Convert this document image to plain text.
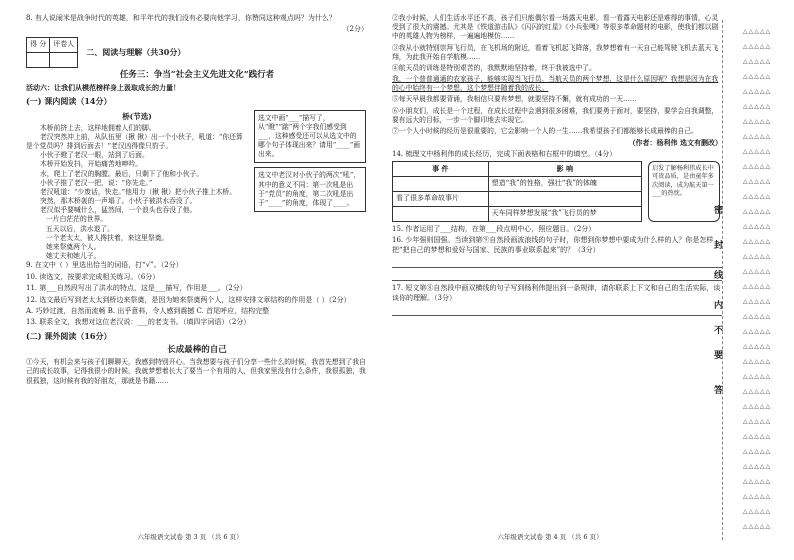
8. 有人说闹米是战争时代的英雄，和平年代的我们没有必要向他学习，你赞同这种观点吗？为什么？

（2分）

得 分	评卷人

二、阅读与理解（共30分）

任务三：争当“社会主义先进文化”践行者

活动六：让我们从模范榜样身上汲取成长的力量！

(一) 课内阅读（14分）

桥(节选)

木桥前挤上去，这样地拥着人们的脚。

老汉突然冲上前，从队伍里（揪 揪）出一个小伙子，吼道：“你还算是个党员吗？排到后面去！”老汉凶得像只豹子。

小伙子瞪了老汉一眼，站到了后面。

木桥开始发抖，开始痛苦地呻吟。

水，爬上了老汉的胸膛。最后，只剩下了他和小伙子。

小伙子推了老汉一把，说：“你先走。”

老汉吼道：“少废话，快走。”他用力（揪 揪）把小伙子推上木桥。

突然，那木桥轰的一声塌了。小伙子被洪水吞没了。

老汉似乎要喊什么，猛然间，一个浪头也吞没了他。

一片白茫茫的世界。

五天以后，洪水退了。

一个老太太，被人搀扶着，来这里祭奠。

她来祭奠两个人。

她丈夫和她儿子。

选文中画“___”描写了，从“瞪”“踮”两个字我们感受到___，这种感受还可以从选文中的哪个句子体现出来？请用“____”画出来。
选文中老汉对小伙子的两次“吼”，其中的意义不同：第一次吼是出于“党员”的角度，第二次吼是出于“____”的角度，体现了____。

9. 在文中（ ）里选出恰当的词语，打“√”。（2分）

10. 读选文，按要求完成相关练习。（6分）

11. 第___自然段写出了洪水的特点，这是___描写，作用是___。（2分）

12. 选文最后写到老太太到桥边来祭奠，是因为她来祭奠两个人，这样安排文章结构的作用是（ ）（2分）

A. 巧妙过渡，自然而流畅 B. 出乎意料，令人感到震撼 C. 首尾呼应，结构完整

13. 联系全文，我想对这位老汉说：___的老支书。（填四字词语）（2分）

(二) 课外阅读（16分）

长成最棒的自己

①今天，有机会来与孩子们聊聊天，我感到特别开心。当我想要与孩子们分享一些什么的时候，我首先想到了我自己的成长故事，记得我很小的时候，我就梦想着长大了要当一个有用的人，但我家里没有什么条件，我很孤独，我很孤独，这时候有我的好朋友，那就是书籍……

②我小时候，人们生活水平还不高，孩子们只能偶尔看一场露天电影，看一看露天电影还是难得的事情，心灵受到了很大的震撼。尤其是《铁道游击队》《闪闪的红星》《小兵张嘎》等很多革命题材的电影，使我们都以剧中的英雄人物为榜样，一遍遍地模仿……

③我从小就特别崇拜飞行员，在飞机场的附近，看着飞机起飞降落，我梦想着有一天自己能驾驶飞机去蓝天飞翔，为此我开始自学航模……

④航天员的训练是特别艰苦的，我默默地坚持着，终于我被选中了。

我，一个普普通通的农家孩子，能够实现当飞行员、当航天员的两个梦想，这是什么原因呢？我想是因为在我的心中始终有一个梦想，这个梦想伴随着我的成长。

⑤每天早晨我都要背诵，我相信只要有梦想，就要坚持不懈，就有成功的一天……

⑥小朋友们，成长是一个过程，在成长过程中会遇到很多困难，我们要勇于面对，要坚持，要学会自我调整，要有远大的目标，一步一个脚印地去实现它。

⑦一个人小时候的经历是很重要的，它会影响一个人的一生……我希望孩子们都能够长成最棒的自己。

（作者：杨利伟 选文有删改）

14. 梳理文中杨利伟的成长经历，完成下面表格和右框中的填空。（4分）

事 件	影 响
	塑造“我”的性格，强壮“我”的体魄
看了很多革命故事片	
	天车同样梦想发展“我”飞行员的梦
启发了解杨利伟成长中可贵品质，是由童年多次阅读，成为航天第一___的热忱。

15. 作者运用了___结构，在第___段点明中心，照应题目。（2分）

16. 少年强则国强。当读到第⑨自然段画波浪线的句子时，你想到你梦想中要成为什么样的人？你是怎样把“把自己的梦想和爱好与国家、民族的事业联系起来”的？（3分）

17. 短文第⑧自然段中画双横线的句子写到杨利伟提出到一条规律，请你联系上下文和自己的生活实际，谈谈你的理解。（3分）

六年级语文试卷 第 3 页 （共 6 页）	六年级语文试卷 第 4 页 （共 6 页）
密
封
线
内
不
要
答
△△△△△
△△△△△
△△△△△
△△△△△
△△△△△
△△△△△
△△△△△
△△△△△
△△△△△
△△△△△
△△△△△
△△△△△
△△△△△
△△△△△
△△△△△
△△△△△
△△△△△
△△△△△
△△△△△
△△△△△
△△△△△
△△△△△
△△△△△
△△△△△
△△△△△
△△△△△
△△△△△
△△△△△
△△△△△
△△△△△
△△△△△
△△△△△
△△△△△
△△△△△
